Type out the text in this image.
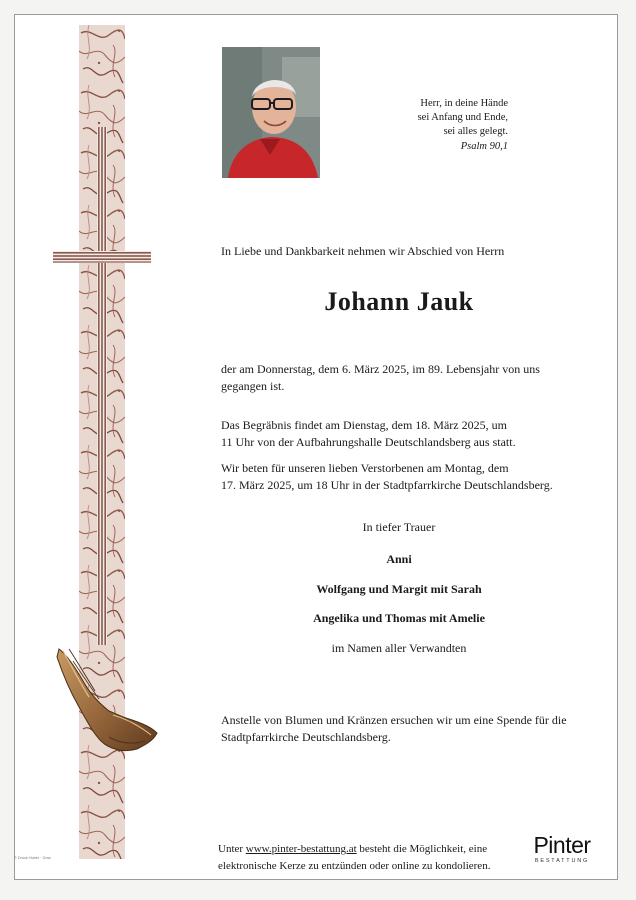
Herr, in deine Hände
sei Anfang und Ende,
sei alles gelegt.
Psalm 90,1
In Liebe und Dankbarkeit nehmen wir Abschied von Herrn
Johann Jauk
der am Donnerstag, dem 6. März 2025, im 89. Lebensjahr von uns
gegangen ist.
Das Begräbnis findet am Dienstag, dem 18. März 2025, um
11 Uhr von der Aufbahrungshalle Deutschlandsberg aus statt.
Wir beten für unseren lieben Verstorbenen am Montag, dem
17. März 2025, um 18 Uhr in der Stadtpfarrkirche Deutschlandsberg.
In tiefer Trauer
Anni
Wolfgang und Margit mit Sarah
Angelika und Thomas mit Amelie
im Namen aller Verwandten
Anstelle von Blumen und Kränzen ersuchen wir um eine Spende für die
Stadtpfarrkirche Deutschlandsberg.
Unter www.pinter-bestattung.at besteht die Möglichkeit, eine
elektronische Kerze zu entzünden oder online zu kondolieren.
Pinter
BESTATTUNG
© Druck Huber · Graz
